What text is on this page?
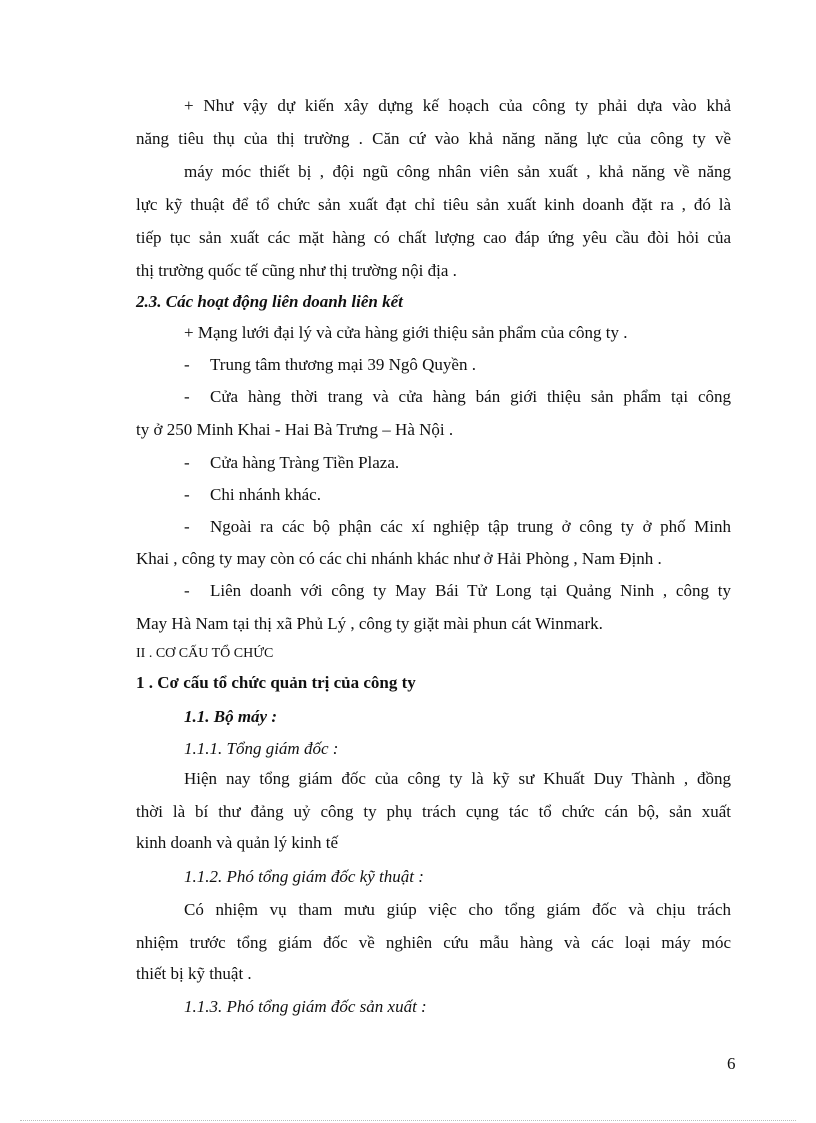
+ Như vậy dự kiến xây dựng kế hoạch của công ty phải dựa vào khả
năng tiêu thụ của thị trường . Căn cứ vào khả năng năng lực của công ty về
máy móc thiết bị , đội ngũ công nhân viên sản xuất , khả năng về năng
lực kỹ thuật để tổ chức sản xuất đạt chỉ tiêu sản xuất kinh doanh đặt ra , đó là
tiếp tục sản xuất các mặt hàng có chất lượng cao đáp ứng yêu cầu đòi hỏi của
thị trường quốc tế cũng như thị trường nội địa .
2.3. Các hoạt động liên doanh liên kết
+ Mạng lưới đại lý và cửa hàng giới thiệu sản phẩm của công ty .
- Trung tâm thương mại 39 Ngô Quyền .
-	Cửa hàng thời trang và cửa hàng bán giới thiệu sản phẩm tại công
ty ở 250 Minh Khai - Hai Bà Trưng – Hà Nội .
- Cửa hàng Tràng Tiền Plaza.
- Chi nhánh khác.
-	Ngoài ra các bộ phận các xí nghiệp tập trung ở công ty ở phố Minh
Khai , công ty may còn có các chi nhánh khác như ở Hải Phòng , Nam Định .
-	Liên doanh với công ty May Bái Tử Long tại Quảng Ninh , công ty
May Hà Nam tại thị xã Phủ Lý , công ty giặt mài phun cát Winmark.
II . CƠ CẤU TỔ CHỨC
1 . Cơ cấu tổ chức quản trị của công ty
1.1. Bộ máy :
1.1.1. Tổng giám đốc :
Hiện nay tổng giám đốc của công ty là kỹ sư Khuất Duy Thành , đồng
thời là bí thư đảng uỷ công ty phụ trách cụng tác tổ chức cán bộ, sản xuất
kinh doanh và quản lý kinh tế
1.1.2. Phó tổng giám đốc kỹ thuật :
Có nhiệm vụ tham mưu giúp việc cho tổng giám đốc và chịu trách
nhiệm trước tổng giám đốc về nghiên cứu mẫu hàng và các loại máy móc
thiết bị kỹ thuật .
1.1.3. Phó tổng giám đốc sản xuất :
6
